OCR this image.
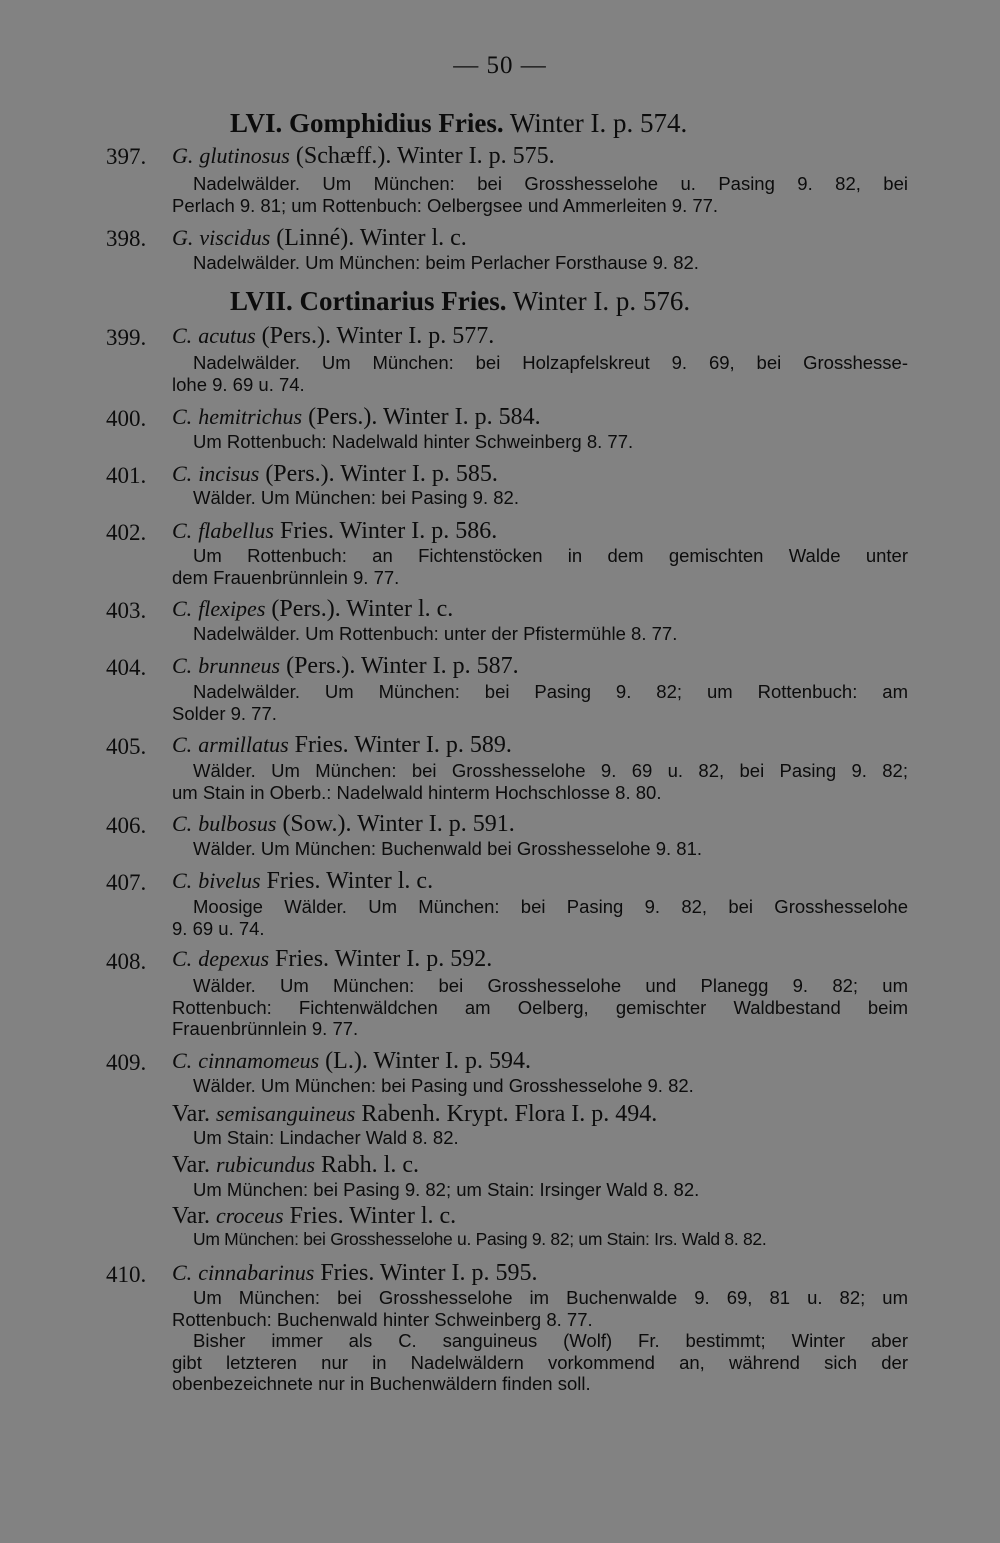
— 50 —
LVI. Gomphidius Fries. Winter I. p. 574.
397.	G. glutinosus (Schæff.). Winter I. p. 575.
Nadelwälder. Um München: bei Grosshesselohe u. Pasing 9. 82, bei
Perlach 9. 81; um Rottenbuch: Oelbergsee und Ammerleiten 9. 77.
398.	G. viscidus (Linné). Winter l. c.
Nadelwälder. Um München: beim Perlacher Forsthause 9. 82.
LVII. Cortinarius Fries. Winter I. p. 576.
399.	C. acutus (Pers.). Winter I. p. 577.
Nadelwälder. Um München: bei Holzapfelskreut 9. 69, bei Grosshesse-
lohe 9. 69 u. 74.
400.	C. hemitrichus (Pers.). Winter I. p. 584.
Um Rottenbuch: Nadelwald hinter Schweinberg 8. 77.
401.	C. incisus (Pers.). Winter I. p. 585.
Wälder. Um München: bei Pasing 9. 82.
402.	C. flabellus Fries. Winter I. p. 586.
Um Rottenbuch: an Fichtenstöcken in dem gemischten Walde unter
dem Frauenbrünnlein 9. 77.
403.	C. flexipes (Pers.). Winter l. c.
Nadelwälder. Um Rottenbuch: unter der Pfistermühle 8. 77.
404.	C. brunneus (Pers.). Winter I. p. 587.
Nadelwälder. Um München: bei Pasing 9. 82; um Rottenbuch: am
Solder 9. 77.
405.	C. armillatus Fries. Winter I. p. 589.
Wälder. Um München: bei Grosshesselohe 9. 69 u. 82, bei Pasing 9. 82;
um Stain in Oberb.: Nadelwald hinterm Hochschlosse 8. 80.
406.	C. bulbosus (Sow.). Winter I. p. 591.
Wälder. Um München: Buchenwald bei Grosshesselohe 9. 81.
407.	C. bivelus Fries. Winter l. c.
Moosige Wälder. Um München: bei Pasing 9. 82, bei Grosshesselohe
9. 69 u. 74.
408.	C. depexus Fries. Winter I. p. 592.
Wälder. Um München: bei Grosshesselohe und Planegg 9. 82; um
Rottenbuch: Fichtenwäldchen am Oelberg, gemischter Waldbestand beim
Frauenbrünnlein 9. 77.
409.	C. cinnamomeus (L.). Winter I. p. 594.
Wälder. Um München: bei Pasing und Grosshesselohe 9. 82.
Var. semisanguineus Rabenh. Krypt. Flora I. p. 494.
Um Stain: Lindacher Wald 8. 82.
Var. rubicundus Rabh. l. c.
Um München: bei Pasing 9. 82; um Stain: Irsinger Wald 8. 82.
Var. croceus Fries. Winter l. c.
Um München: bei Grosshesselohe u. Pasing 9. 82; um Stain: Irs. Wald 8. 82.
410.	C. cinnabarinus Fries. Winter I. p. 595.
Um München: bei Grosshesselohe im Buchenwalde 9. 69, 81 u. 82; um
Rottenbuch: Buchenwald hinter Schweinberg 8. 77.
Bisher immer als C. sanguineus (Wolf) Fr. bestimmt; Winter aber
gibt letzteren nur in Nadelwäldern vorkommend an, während sich der
obenbezeichnete nur in Buchenwäldern finden soll.
